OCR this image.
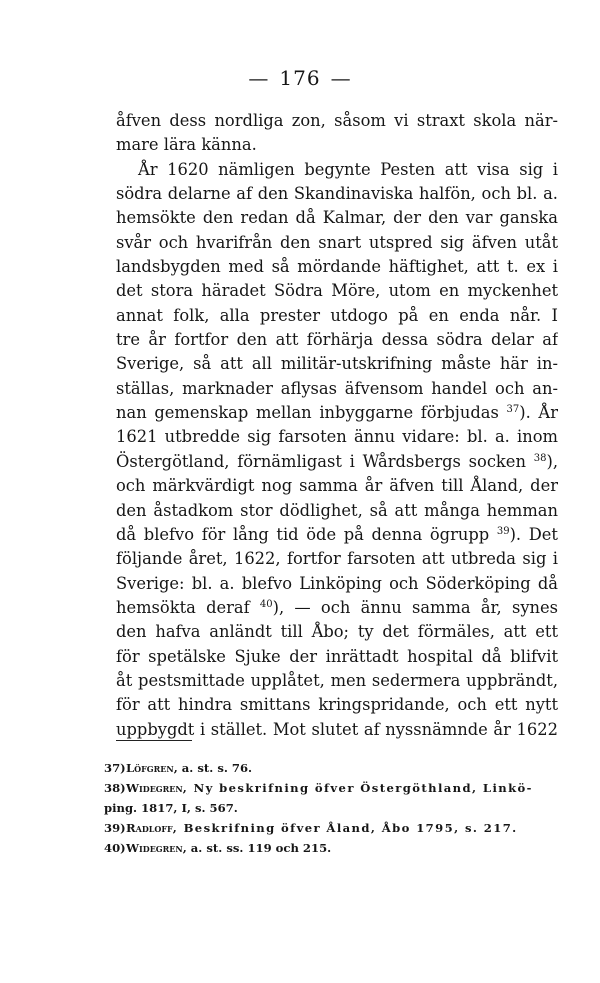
— 176 —
åfven dess nordliga zon, såsom vi straxt skola när-
mare lära känna.
År 1620 nämligen begynte Pesten att visa sig i
södra delarne af den Skandinaviska halfön, och bl. a.
hemsökte den redan då Kalmar, der den var ganska
svår och hvarifrån den snart utspred sig äfven utåt
landsbygden med så mördande häftighet, att t. ex i
det stora häradet Södra Möre, utom en myckenhet
annat folk, alla prester utdogo på en enda når. I
tre år fortfor den att förhärja dessa södra delar af
Sverige, så att all militär-utskrifning måste här in-
ställas, marknader aflysas äfvensom handel och an-
nan gemenskap mellan inbyggarne förbjudas $^{37}$). År
1621 utbredde sig farsoten ännu vidare: bl. a. inom
Östergötland, förnämligast i Wårdsbergs socken $^{38}$),
och märkvärdigt nog samma år äfven till Åland, der
den åstadkom stor dödlighet, så att många hemman
då blefvo för lång tid öde på denna ögrupp $^{39}$). Det
följande året, 1622, fortfor farsoten att utbreda sig i
Sverige: bl. a. blefvo Linköping och Söderköping då
hemsökta deraf $^{40}$), — och ännu samma år, synes
den hafva anländt till Åbo; ty det förmäles, att ett
för spetälske Sjuke der inrättadt hospital då blifvit
åt pestsmittade upplåtet, men sedermera uppbrändt,
för att hindra smittans kringspridande, och ett nytt
uppbygdt i stället. Mot slutet af nyssnämnde år 1622
37)Löfgren, a. st. s. 76.
38)Widegren, Ny beskrifning öfver Östergöthland, Linkö-
ping. 1817, I, s. 567.
39)Radloff, Beskrifning öfver Åland, Åbo 1795, s. 217.
40)Widegren, a. st. ss. 119 och 215.
